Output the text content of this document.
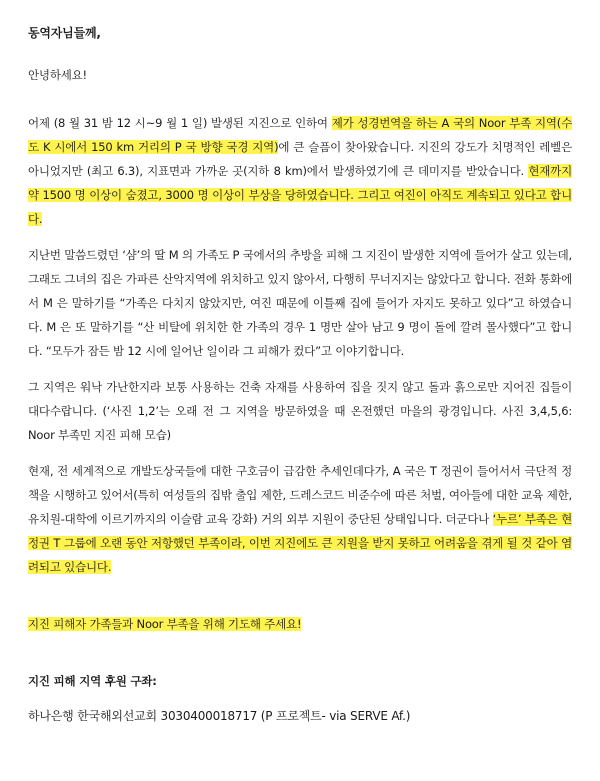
동역자님들께,

안녕하세요!

어제 (8 월 31 밤 12 시~9 월 1 일) 발생된 지진으로 인하여 제가 성경번역을 하는 A 국의 Noor 부족 지역(수도 K 시에서 150 km 거리의 P 국 방향 국경 지역)에 큰 슬픔이 찾아왔습니다. 지진의 강도가 치명적인 레벨은 아니었지만 (최고 6.3), 지표면과 가까운 곳(지하 8 km)에서 발생하였기에 큰 데미지를 받았습니다. 현재까지 약 1500 명 이상이 숨졌고, 3000 명 이상이 부상을 당하였습니다. 그리고 여진이 아직도 계속되고 있다고 합니다.

지난번 말씀드렸던 ‘샴’의 딸 M 의 가족도 P 국에서의 추방을 피해 그 지진이 발생한 지역에 들어가 살고 있는데, 그래도 그녀의 집은 가파른 산악지역에 위치하고 있지 않아서, 다행히 무너지지는 않았다고 합니다. 전화 통화에서 M 은 말하기를 “가족은 다치지 않았지만, 여진 때문에 이틀째 집에 들어가 자지도 못하고 있다”고 하였습니다. M 은 또 말하기를 “산 비탈에 위치한 한 가족의 경우 1 명만 살아 남고 9 명이 돌에 깔려 몰사했다”고 합니다. “모두가 잠든 밤 12 시에 일어난 일이라 그 피해가 컸다”고 이야기합니다.

그 지역은 워낙 가난한지라 보통 사용하는 건축 자재를 사용하여 집을 짓지 않고 돌과 흙으로만 지어진 집들이 대다수랍니다. (‘사진 1,2’는 오래 전 그 지역을 방문하였을 때 온전했던 마을의 광경입니다. 사진 3,4,5,6: Noor 부족민 지진 피해 모습)

현재, 전 세계적으로 개발도상국들에 대한 구호금이 급감한 추세인데다가, A 국은 T 정권이 들어서서 극단적 정책을 시행하고 있어서(특히 여성들의 집밖 출입 제한, 드레스코드 비준수에 따른 처벌, 여아들에 대한 교육 제한, 유치원-대학에 이르기까지의 이슬람 교육 강화) 거의 외부 지원이 중단된 상태입니다. 더군다나 ‘누르’ 부족은 현정권 T 그룹에 오랜 동안 저항했던 부족이라, 이번 지진에도 큰 지원을 받지 못하고 어려움을 겪게 될 것 같아 염려되고 있습니다.

지진 피해자 가족들과 Noor 부족을 위해 기도해 주세요!

지진 피해 지역 후원 구좌:

하나은행 한국해외선교회 3030400018717 (P 프로젝트- via SERVE Af.)
